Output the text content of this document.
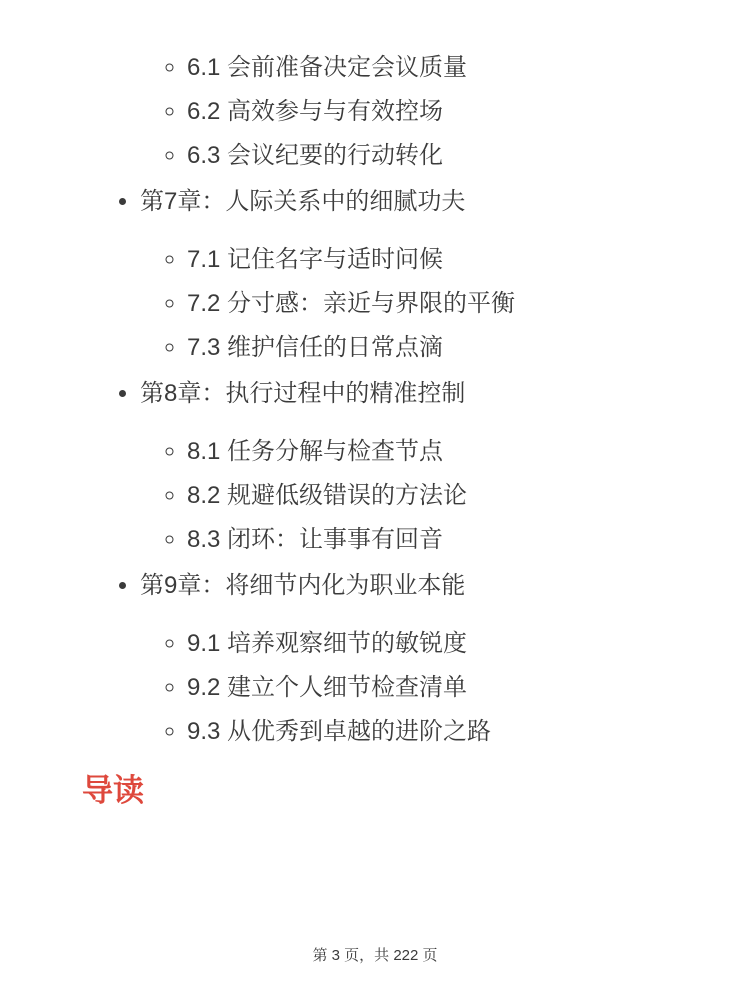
◦ 6.1 会前准备决定会议质量
◦ 6.2 高效参与与有效控场
◦ 6.3 会议纪要的行动转化
• 第7章：人际关系中的细腻功夫
◦ 7.1 记住名字与适时问候
◦ 7.2 分寸感：亲近与界限的平衡
◦ 7.3 维护信任的日常点滴
• 第8章：执行过程中的精准控制
◦ 8.1 任务分解与检查节点
◦ 8.2 规避低级错误的方法论
◦ 8.3 闭环：让事事有回音
• 第9章：将细节内化为职业本能
◦ 9.1 培养观察细节的敏锐度
◦ 9.2 建立个人细节检查清单
◦ 9.3 从优秀到卓越的进阶之路
导读
第 3 页，共 222 页
